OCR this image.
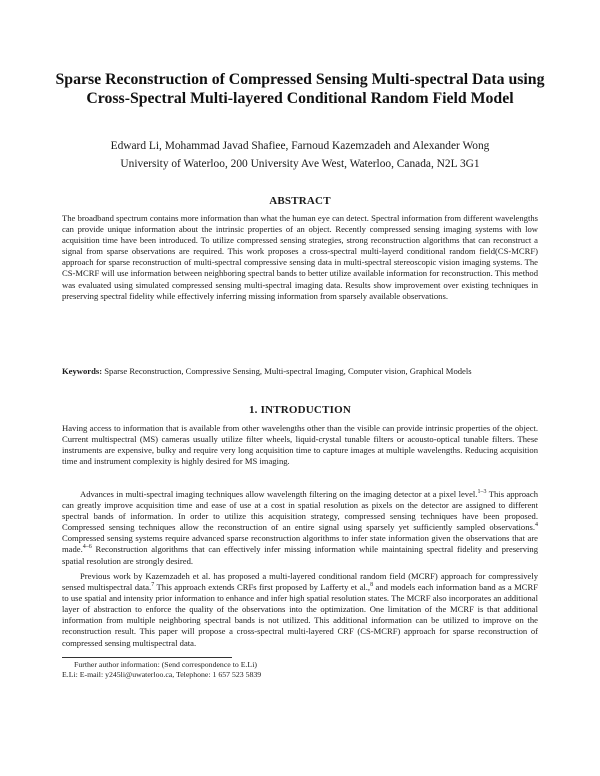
Sparse Reconstruction of Compressed Sensing Multi-spectral Data using Cross-Spectral Multi-layered Conditional Random Field Model
Edward Li, Mohammad Javad Shafiee, Farnoud Kazemzadeh and Alexander Wong
University of Waterloo, 200 University Ave West, Waterloo, Canada, N2L 3G1
ABSTRACT
The broadband spectrum contains more information than what the human eye can detect. Spectral information from different wavelengths can provide unique information about the intrinsic properties of an object. Recently compressed sensing imaging systems with low acquisition time have been introduced. To utilize compressed sensing strategies, strong reconstruction algorithms that can reconstruct a signal from sparse observations are required. This work proposes a cross-spectral multi-layerd conditional random field(CS-MCRF) approach for sparse reconstruction of multi-spectral compressive sensing data in multi-spectral stereoscopic vision imaging systems. The CS-MCRF will use information between neighboring spectral bands to better utilize available information for reconstruction. This method was evaluated using simulated compressed sensing multi-spectral imaging data. Results show improvement over existing techniques in preserving spectral fidelity while effectively inferring missing information from sparsely available observations.
Keywords: Sparse Reconstruction, Compressive Sensing, Multi-spectral Imaging, Computer vision, Graphical Models
1. INTRODUCTION
Having access to information that is available from other wavelengths other than the visible can provide intrinsic properties of the object. Current multispectral (MS) cameras usually utilize filter wheels, liquid-crystal tunable filters or acousto-optical tunable filters. These instruments are expensive, bulky and require very long acquisition time to capture images at multiple wavelengths. Reducing acquisition time and instrument complexity is highly desired for MS imaging.
Advances in multi-spectral imaging techniques allow wavelength filtering on the imaging detector at a pixel level.$^{1-3}$ This approach can greatly improve acquisition time and ease of use at a cost in spatial resolution as pixels on the detector are assigned to different spectral bands of information. In order to utilize this acquisition strategy, compressed sensing techniques have been proposed. Compressed sensing techniques allow the reconstruction of an entire signal using sparsely yet sufficiently sampled observations.$^4$ Compressed sensing systems require advanced sparse reconstruction algorithms to infer state information given the observations that are made.$^{4-6}$ Reconstruction algorithms that can effectively infer missing information while maintaining spectral fidelity and preserving spatial resolution are strongly desired.
Previous work by Kazemzadeh et al. has proposed a multi-layered conditional random field (MCRF) approach for compressively sensed multispectral data.$^7$ This approach extends CRFs first proposed by Lafferty et al.,$^8$ and models each information band as a MCRF to use spatial and intensity prior information to enhance and infer high spatial resolution states. The MCRF also incorporates an additional layer of abstraction to enforce the quality of the observations into the optimization. One limitation of the MCRF is that additional information from multiple neighboring spectral bands is not utilized. This additional information can be utilized to improve on the reconstruction result. This paper will propose a cross-spectral multi-layered CRF (CS-MCRF) approach for sparse reconstruction of compressed sensing multispectral data.
Further author information: (Send correspondence to E.Li)
E.Li: E-mail: y245li@uwaterloo.ca, Telephone: 1 657 523 5839
